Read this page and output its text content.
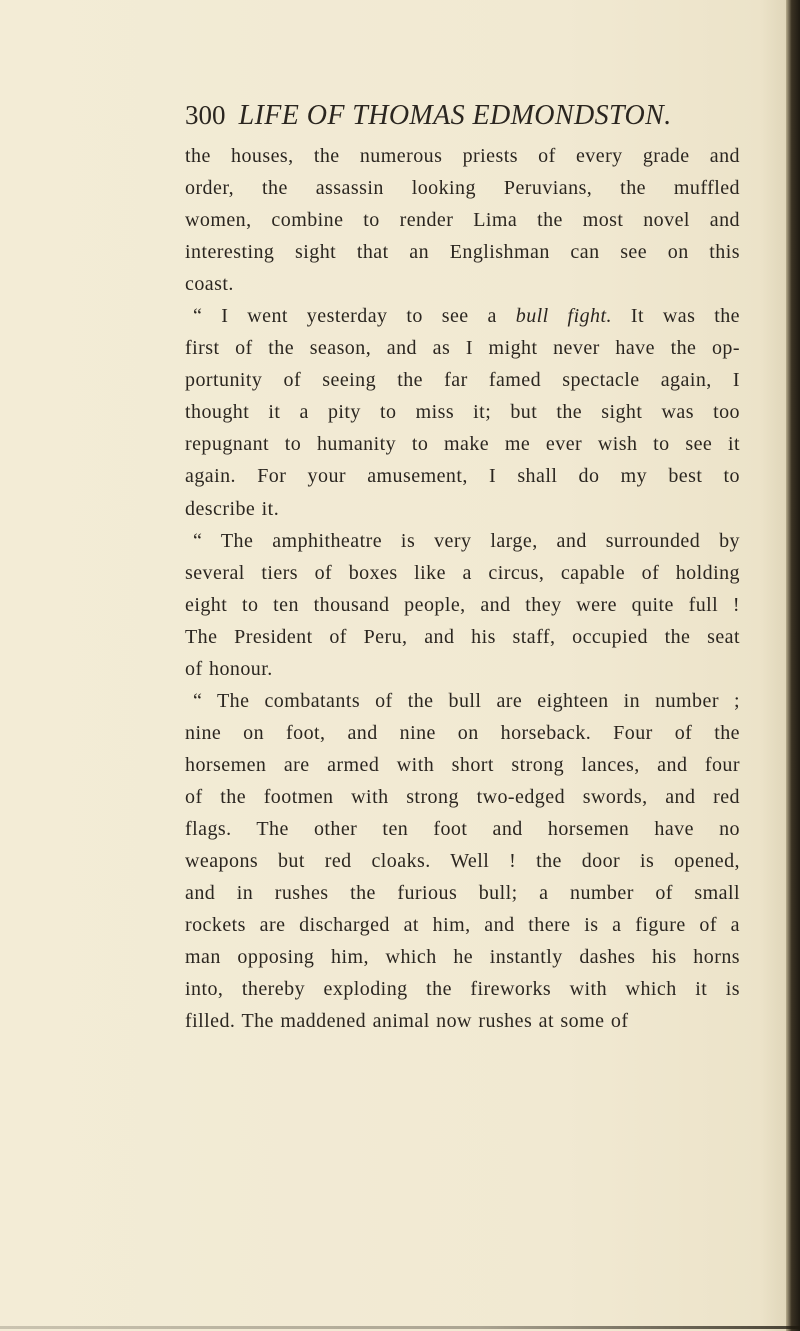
300 LIFE OF THOMAS EDMONDSTON.
the houses, the numerous priests of every grade and
order, the assassin looking Peruvians, the muffled
women, combine to render Lima the most novel and
interesting sight that an Englishman can see on this
coast.
“ I went yesterday to see a bull fight. It was the
first of the season, and as I might never have the op-
portunity of seeing the far famed spectacle again, I
thought it a pity to miss it; but the sight was too
repugnant to humanity to make me ever wish to see it
again. For your amusement, I shall do my best to
describe it.
“ The amphitheatre is very large, and surrounded by
several tiers of boxes like a circus, capable of holding
eight to ten thousand people, and they were quite full !
The President of Peru, and his staff, occupied the seat
of honour.
“ The combatants of the bull are eighteen in number ;
nine on foot, and nine on horseback. Four of the
horsemen are armed with short strong lances, and four
of the footmen with strong two-edged swords, and red
flags. The other ten foot and horsemen have no
weapons but red cloaks. Well ! the door is opened,
and in rushes the furious bull; a number of small
rockets are discharged at him, and there is a figure of a
man opposing him, which he instantly dashes his horns
into, thereby exploding the fireworks with which it is
filled. The maddened animal now rushes at some of
